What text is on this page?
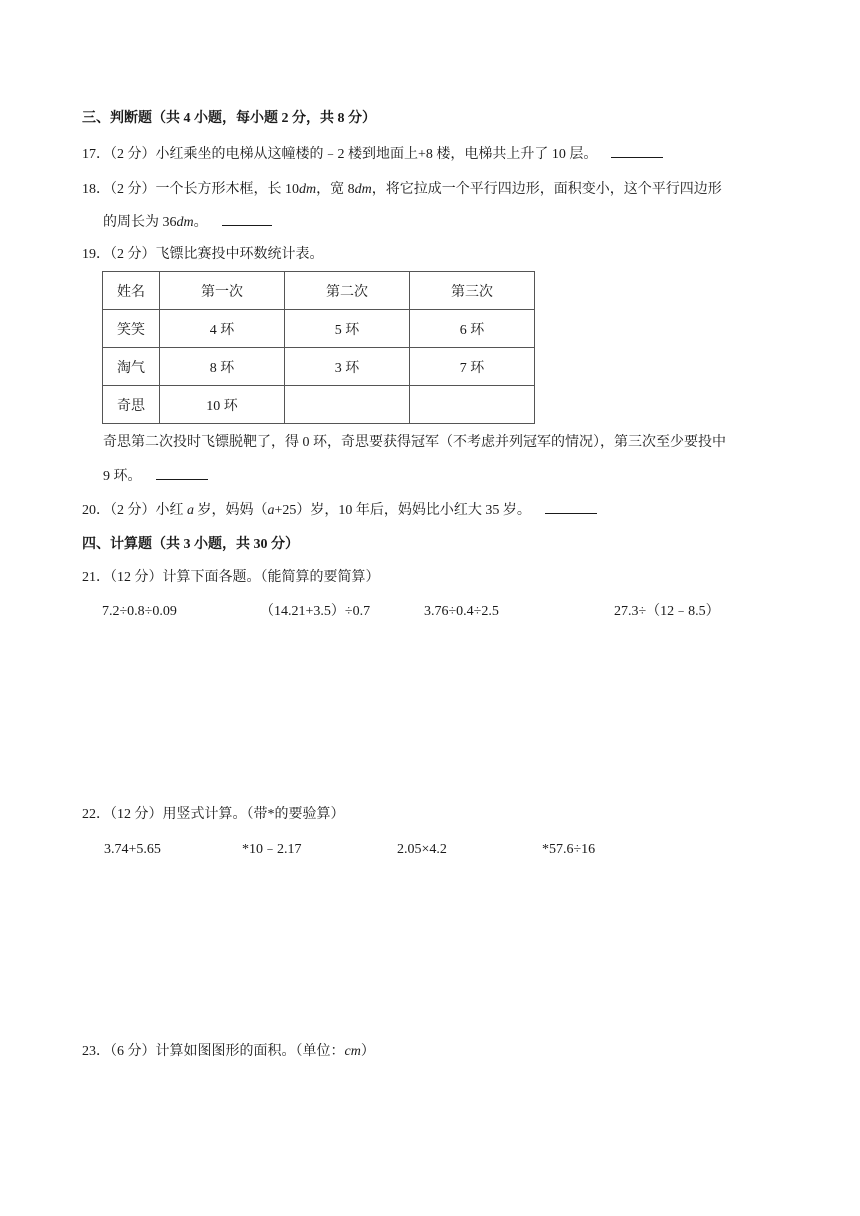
三、判断题（共 4 小题，每小题 2 分，共 8 分）
17．（2 分）小红乘坐的电梯从这幢楼的﹣2 楼到地面上+8 楼，电梯共上升了 10 层。
18．（2 分）一个长方形木框，长 10dm，宽 8dm，将它拉成一个平行四边形，面积变小，这个平行四边形
的周长为 36dm。
19．（2 分）飞镖比赛投中环数统计表。
姓名	第一次	第二次	第三次
笑笑	4 环	5 环	6 环
淘气	8 环	3 环	7 环
奇思	10 环		
奇思第二次投时飞镖脱靶了，得 0 环，奇思要获得冠军（不考虑并列冠军的情况），第三次至少要投中
9 环。
20．（2 分）小红 a 岁，妈妈（a+25）岁，10 年后，妈妈比小红大 35 岁。
四、计算题（共 3 小题，共 30 分）
21．（12 分）计算下面各题。（能简算的要简算）
7.2÷0.8÷0.09	（14.21+3.5）÷0.7	3.76÷0.4÷2.5	27.3÷（12﹣8.5）
22．（12 分）用竖式计算。（带*的要验算）
3.74+5.65	*10﹣2.17	2.05×4.2	*57.6÷16
23．（6 分）计算如图图形的面积。（单位：cm）
